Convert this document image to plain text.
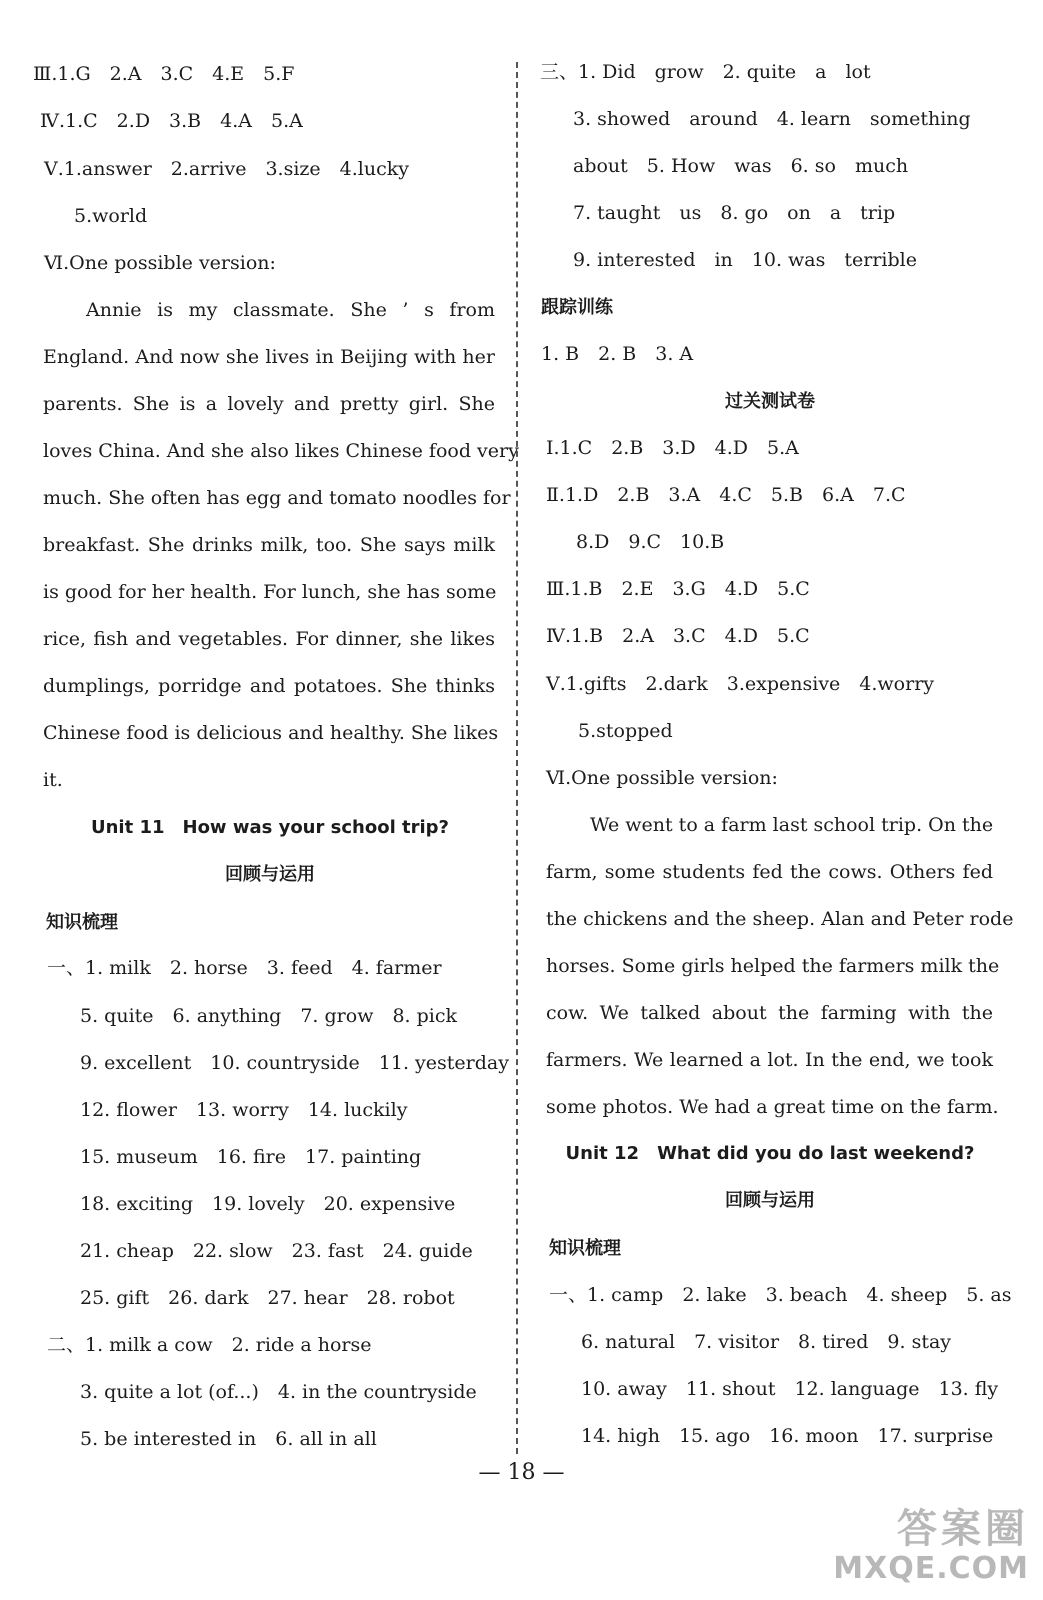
Ⅲ.1.G　2.A　3.C　4.E　5.F
Ⅳ.1.C　2.D　3.B　4.A　5.A
Ⅴ.1.answer　2.arrive　3.size　4.lucky
5.world
Ⅵ.One possible version:
Annie is my classmate. She ’ s from
England. And now she lives in Beijing with her
parents. She is a lovely and pretty girl. She
loves China. And she also likes Chinese food very
much. She often has egg and tomato noodles for
breakfast. She drinks milk, too. She says milk
is good for her health. For lunch, she has some
rice, fish and vegetables. For dinner, she likes
dumplings, porridge and potatoes. She thinks
Chinese food is delicious and healthy. She likes
it.
Unit 11　How was your school trip?
回顾与运用
知识梳理
一、1. milk　2. horse　3. feed　4. farmer
5. quite　6. anything　7. grow　8. pick
9. excellent　10. countryside　11. yesterday
12. flower　13. worry　14. luckily
15. museum　16. fire　17. painting
18. exciting　19. lovely　20. expensive
21. cheap　22. slow　23. fast　24. guide
25. gift　26. dark　27. hear　28. robot
二、1. milk a cow　2. ride a horse
3. quite a lot (of...)　4. in the countryside
5. be interested in　6. all in all
三、1. Did　grow　2. quite　a　lot
3. showed　around　4. learn　something
about　5. How　was　6. so　much
7. taught　us　8. go　on　a　trip
9. interested　in　10. was　terrible
跟踪训练
1. B　2. B　3. A
过关测试卷
Ⅰ.1.C　2.B　3.D　4.D　5.A
Ⅱ.1.D　2.B　3.A　4.C　5.B　6.A　7.C
8.D　9.C　10.B
Ⅲ.1.B　2.E　3.G　4.D　5.C
Ⅳ.1.B　2.A　3.C　4.D　5.C
Ⅴ.1.gifts　2.dark　3.expensive　4.worry
5.stopped
Ⅵ.One possible version:
We went to a farm last school trip. On the
farm, some students fed the cows. Others fed
the chickens and the sheep. Alan and Peter rode
horses. Some girls helped the farmers milk the
cow. We talked about the farming with the
farmers. We learned a lot. In the end, we took
some photos. We had a great time on the farm.
Unit 12　What did you do last weekend?
回顾与运用
知识梳理
一、1. camp　2. lake　3. beach　4. sheep　5. as
6. natural　7. visitor　8. tired　9. stay
10. away　11. shout　12. language　13. fly
14. high　15. ago　16. moon　17. surprise
— 18 —
答案圈
MXQE.COM
